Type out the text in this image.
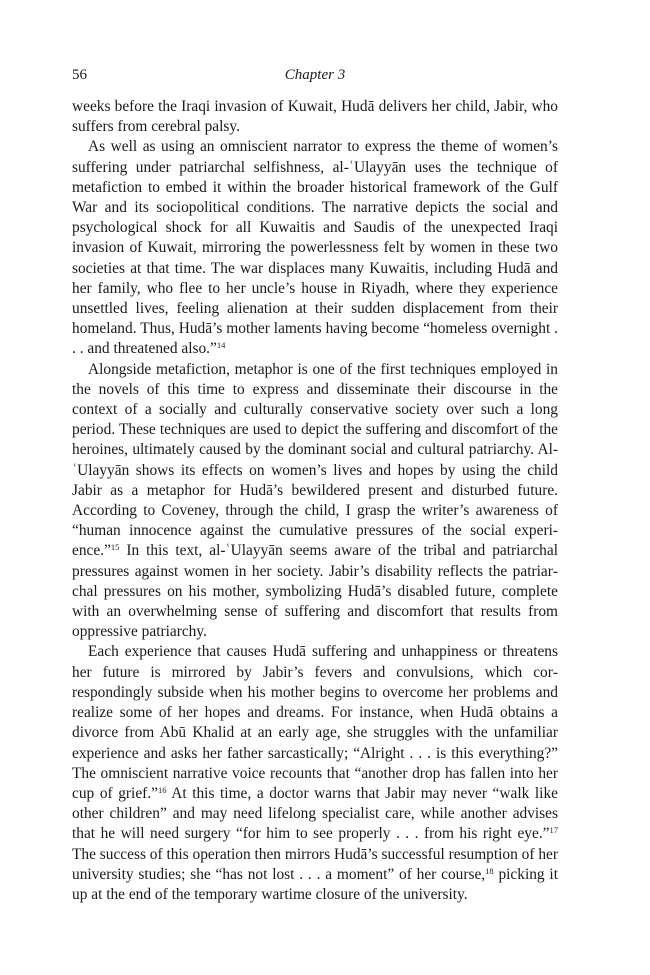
56	Chapter 3

weeks before the Iraqi invasion of Kuwait, Hudā delivers her child, Jabir, who suffers from cerebral palsy.

As well as using an omniscient narrator to express the theme of women’s suffering under patriarchal selfishness, al-ʿUlayyān uses the technique of metafiction to embed it within the broader historical framework of the Gulf War and its sociopolitical conditions. The narrative depicts the social and psychological shock for all Kuwaitis and Saudis of the unexpected Iraqi invasion of Kuwait, mirroring the powerlessness felt by women in these two societies at that time. The war displaces many Kuwaitis, including Hudā and her family, who flee to her uncle’s house in Riyadh, where they experience unsettled lives, feeling alienation at their sudden displacement from their homeland. Thus, Hudā’s mother laments having become “homeless overnight . . . and threatened also.”$^{14}$

Alongside metafiction, metaphor is one of the first techniques employed in the novels of this time to express and disseminate their discourse in the context of a socially and culturally conservative society over such a long period. These techniques are used to depict the suffering and discomfort of the heroines, ultimately caused by the dominant social and cultural patriarchy. Al-ʿUlayyān shows its effects on women’s lives and hopes by using the child Jabir as a metaphor for Hudā’s bewildered present and disturbed future. According to Coveney, through the child, I grasp the writer’s awareness of “human innocence against the cumulative pressures of the social experience.”$^{15}$ In this text, al-ʿUlayyān seems aware of the tribal and patriarchal pressures against women in her society. Jabir’s disability reflects the patriarchal pressures on his mother, symbolizing Hudā’s disabled future, complete with an overwhelming sense of suffering and discomfort that results from oppressive patriarchy.

Each experience that causes Hudā suffering and unhappiness or threatens her future is mirrored by Jabir’s fevers and convulsions, which correspondingly subside when his mother begins to overcome her problems and realize some of her hopes and dreams. For instance, when Hudā obtains a divorce from Abū Khalid at an early age, she struggles with the unfamiliar experience and asks her father sarcastically; “Alright . . . is this everything?” The omniscient narrative voice recounts that “another drop has fallen into her cup of grief.”$^{16}$ At this time, a doctor warns that Jabir may never “walk like other children” and may need lifelong specialist care, while another advises that he will need surgery “for him to see properly . . . from his right eye.”$^{17}$ The success of this operation then mirrors Hudā’s successful resumption of her university studies; she “has not lost . . . a moment” of her course,$^{18}$ picking it up at the end of the temporary wartime closure of the university.
